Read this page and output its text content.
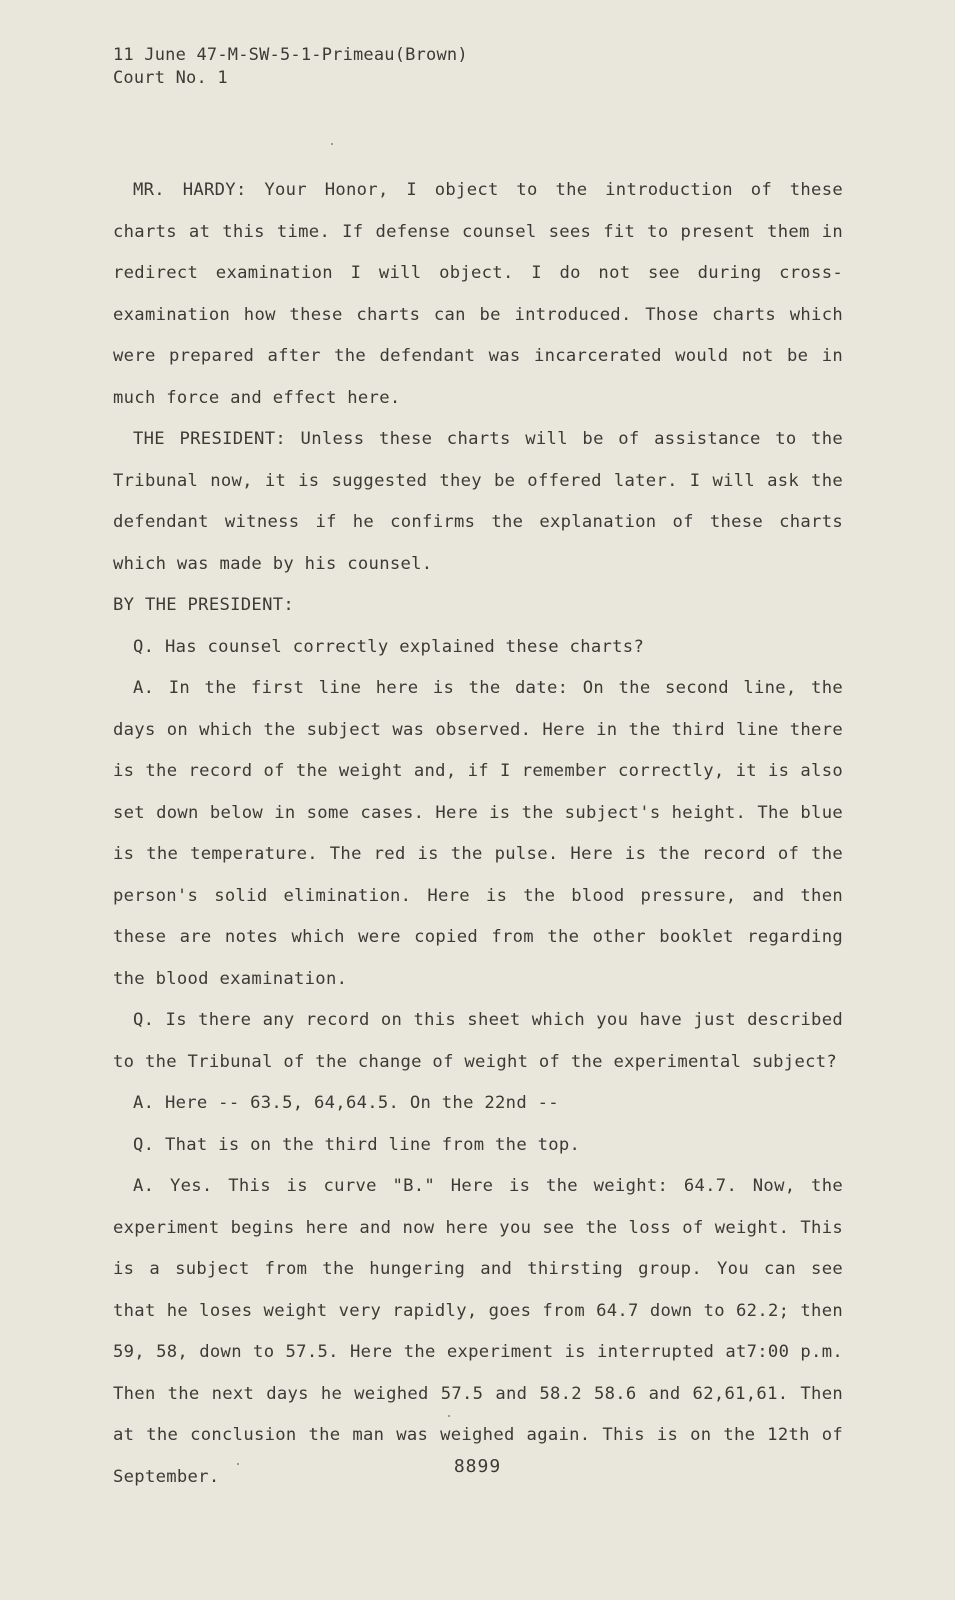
11 June 47-M-SW-5-1-Primeau(Brown)
Court No. 1

MR. HARDY: Your Honor, I object to the introduction of these charts at this time. If defense counsel sees fit to present them in redirect examination I will object. I do not see during cross-examination how these charts can be introduced. Those charts which were prepared after the defendant was incarcerated would not be in much force and effect here.

THE PRESIDENT: Unless these charts will be of assistance to the Tribunal now, it is suggested they be offered later. I will ask the defendant witness if he confirms the explanation of these charts which was made by his counsel.

BY THE PRESIDENT:

Q. Has counsel correctly explained these charts?

A. In the first line here is the date: On the second line, the days on which the subject was observed. Here in the third line there is the record of the weight and, if I remember correctly, it is also set down below in some cases. Here is the subject's height. The blue is the temperature. The red is the pulse. Here is the record of the person's solid elimination. Here is the blood pressure, and then these are notes which were copied from the other booklet regarding the blood examination.

Q. Is there any record on this sheet which you have just described to the Tribunal of the change of weight of the experimental subject?

A. Here -- 63.5, 64,64.5. On the 22nd --

Q. That is on the third line from the top.

A. Yes. This is curve "B." Here is the weight: 64.7. Now, the experiment begins here and now here you see the loss of weight. This is a subject from the hungering and thirsting group. You can see that he loses weight very rapidly, goes from 64.7 down to 62.2; then 59, 58, down to 57.5. Here the experiment is interrupted at7:00 p.m. Then the next days he weighed 57.5 and 58.2 58.6 and 62,61,61. Then at the conclusion the man was weighed again. This is on the 12th of September.	8899
